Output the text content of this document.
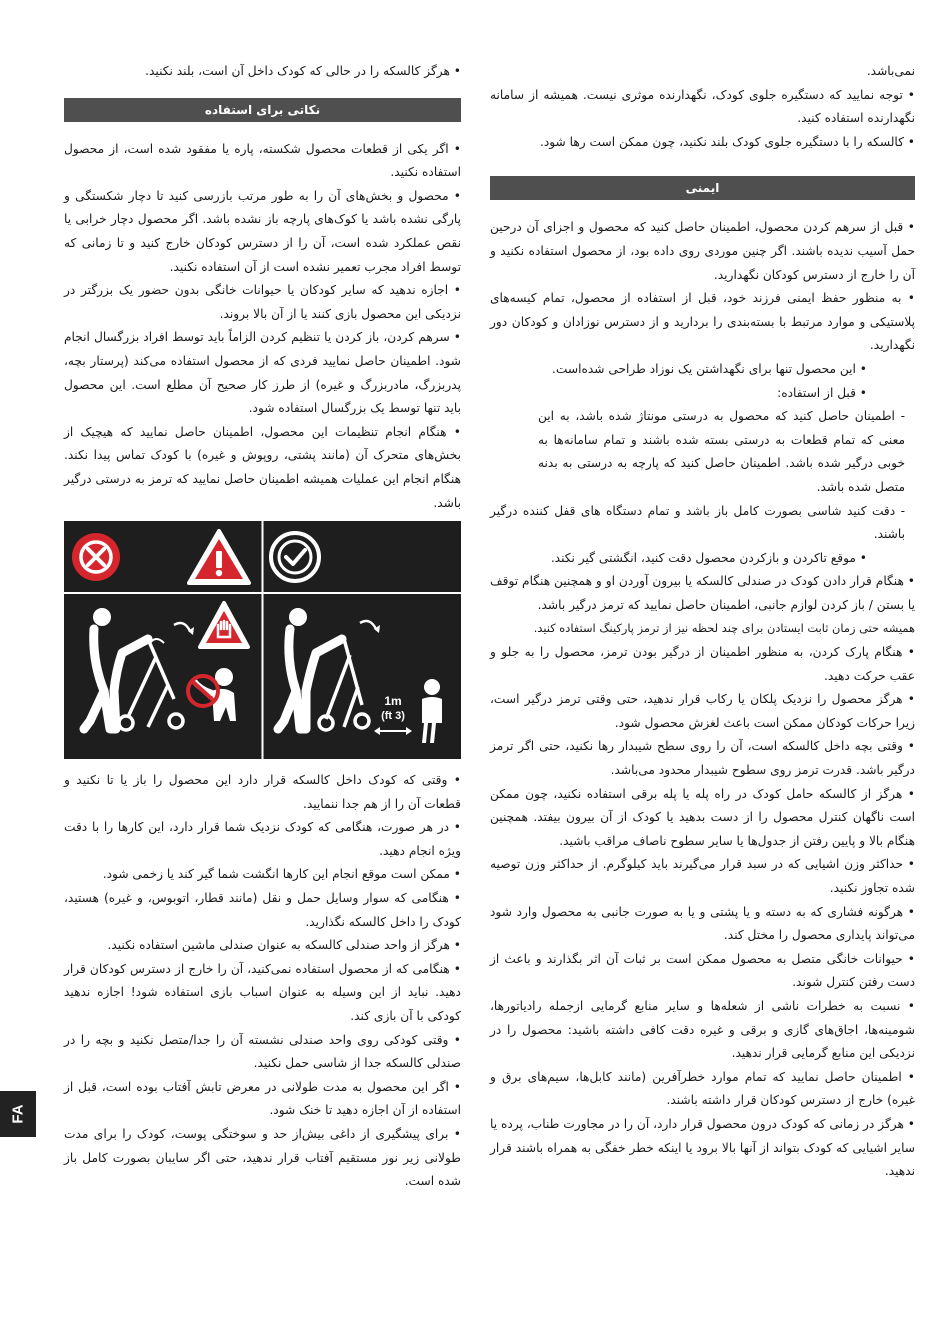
نمی‌باشد.

• توجه نمایید که دستگیره جلوی کودک، نگهدارنده موثری نیست. همیشه از سامانه نگهدارنده استفاده کنید.

• کالسکه را با دستگیره جلوی کودک بلند نکنید، چون ممکن است رها شود.

ایمنی

• قبل از سرهم کردن محصول، اطمینان حاصل کنید که محصول و اجزای آن درحین حمل آسیب ندیده باشند. اگر چنین موردی روی داده بود، از محصول استفاده نکنید و آن را خارج از دسترس کودکان نگهدارید.

• به منظور حفظ ایمنی فرزند خود، قبل از استفاده از محصول، تمام کیسه‌های پلاستیکی و موارد مرتبط با بسته‌بندی را بردارید و از دسترس نوزادان و کودکان دور نگهدارید.

• این محصول تنها برای نگهداشتن یک نوزاد طراحی شده‌است.

• قبل از استفاده:

- اطمینان حاصل کنید که محصول به درستی مونتاژ شده باشد، به این معنی که تمام قطعات به درستی بسته شده باشند و تمام سامانه‌ها به خوبی درگیر شده باشد. اطمینان حاصل کنید که پارچه به درستی به بدنه متصل شده باشد.

- دقت کنید شاسی بصورت کامل باز باشد و تمام دستگاه های قفل کننده درگیر باشند.

• موقع تاکردن و بازکردن محصول دقت کنید، انگشتی گیر نکند.

• هنگام قرار دادن کودک در صندلی کالسکه یا بیرون آوردن او و همچنین هنگام توقف یا بستن / باز کردن لوازم جانبی، اطمینان حاصل نمایید که ترمز درگیر باشد.

همیشه حتی زمان ثابت ایستادن برای چند لحظه نیز از ترمز پارکینگ استفاده کنید.

• هنگام پارک کردن، به منظور اطمینان از درگیر بودن ترمز، محصول را به جلو و عقب حرکت دهید.

• هرگز محصول را نزدیک پلکان یا رکاب قرار ندهید، حتی وقتی ترمز درگیر است، زیرا حرکات کودکان ممکن است باعث لغزش محصول شود.

• وقتی بچه داخل کالسکه است، آن را روی سطح شیبدار رها نکنید، حتی اگر ترمز درگیر باشد. قدرت ترمز روی سطوح شیبدار محدود می‌باشد.

• هرگز از کالسکه حامل کودک در راه پله یا پله برقی استفاده نکنید، چون ممکن است ناگهان کنترل محصول را از دست بدهید یا کودک از آن بیرون بیفتد. همچنین هنگام بالا و پایین رفتن از جدول‌ها یا سایر سطوح ناصاف مراقب باشید.

• حداکثر وزن اشیایی که در سبد قرار می‌گیرند باید کیلوگرم. از حداکثر وزن توصیه شده تجاوز نکنید.

• هرگونه فشاری که به دسته و یا پشتی و یا به صورت جانبی به محصول وارد شود می‌تواند پایداری محصول را مختل کند.

• حیوانات خانگی متصل به محصول ممکن است بر ثبات آن اثر بگذارند و باعث از دست رفتن کنترل شوند.

• نسبت به خطرات ناشی از شعله‌ها و سایر منابع گرمایی ازجمله رادیاتورها، شومینه‌ها، اجاق‌های گازی و برقی و غیره دقت کافی داشته باشید: محصول را در نزدیکی این منابع گرمایی قرار ندهید.

• اطمینان حاصل نمایید که تمام موارد خطرآفرین (مانند کابل‌ها، سیم‌های برق و غیره) خارج از دسترس کودکان قرار داشته باشند.

• هرگز در زمانی که کودک درون محصول قرار دارد، آن را در مجاورت طناب، پرده یا سایر اشیایی که کودک بتواند از آنها بالا برود یا اینکه خطر خفگی به همراه باشند قرار ندهید.

• هرگز کالسکه را در حالی که کودک داخل آن است، بلند نکنید.

نکاتی برای استفاده

• اگر یکی از قطعات محصول شکسته، پاره یا مفقود شده است، از محصول استفاده نکنید.

• محصول و بخش‌های آن را به طور مرتب بازرسی کنید تا دچار شکستگی و پارگی نشده باشد یا کوک‌های پارچه باز نشده باشد. اگر محصول دچار خرابی یا نقص عملکرد شده است، آن را از دسترس کودکان خارج کنید و تا زمانی که توسط افراد مجرب تعمیر نشده است از آن استفاده نکنید.

• اجازه ندهید که سایر کودکان یا حیوانات خانگی بدون حضور یک بزرگتر در نزدیکی این محصول بازی کنند یا از آن بالا بروند.

• سرهم کردن، باز کردن یا تنظیم کردن الزاماً باید توسط افراد بزرگسال انجام شود. اطمینان حاصل نمایید فردی که از محصول استفاده می‌کند (پرستار بچه، پدربزرگ، مادربزرگ و غیره) از طرز کار صحیح آن مطلع است. این محصول باید تنها توسط یک بزرگسال استفاده شود.

• هنگام انجام تنظیمات این محصول، اطمینان حاصل نمایید که هیچیک از بخش‌های متحرک آن (مانند پشتی، روپوش و غیره) با کودک تماس پیدا نکند. هنگام انجام این عملیات همیشه اطمینان حاصل نمایید که ترمز به درستی درگیر باشد.

1m
(3 ft)

• وقتی که کودک داخل کالسکه قرار دارد این محصول را باز یا تا نکنید و قطعات آن را از هم جدا ننمایید.

• در هر صورت، هنگامی که کودک نزدیک شما قرار دارد، این کارها را با دقت ویژه انجام دهید.

• ممکن است موقع انجام این کارها انگشت شما گیر کند یا زخمی شود.

• هنگامی که سوار وسایل حمل و نقل (مانند قطار، اتوبوس، و غیره) هستید، کودک را داخل کالسکه نگذارید.

• هرگز از واحد صندلی کالسکه به عنوان صندلی ماشین استفاده نکنید.

• هنگامی که از محصول استفاده نمی‌کنید، آن را خارج از دسترس کودکان قرار دهید. نباید از این وسیله به عنوان اسباب بازی استفاده شود! اجازه ندهید کودکی با آن بازی کند.

• وقتی کودکی روی واحد صندلی نشسته آن را جدا/متصل نکنید و بچه را در صندلی کالسکه جدا از شاسی حمل نکنید.

• اگر این محصول به مدت طولانی در معرض تابش آفتاب بوده است، قبل از استفاده از آن اجازه دهید تا خنک شود.

• برای پیشگیری از داغی بیش‌از حد و سوختگی پوست، کودک را برای مدت طولانی زیر نور مستقیم آفتاب قرار ندهید، حتی اگر سایبان بصورت کامل باز شده است.

FA
